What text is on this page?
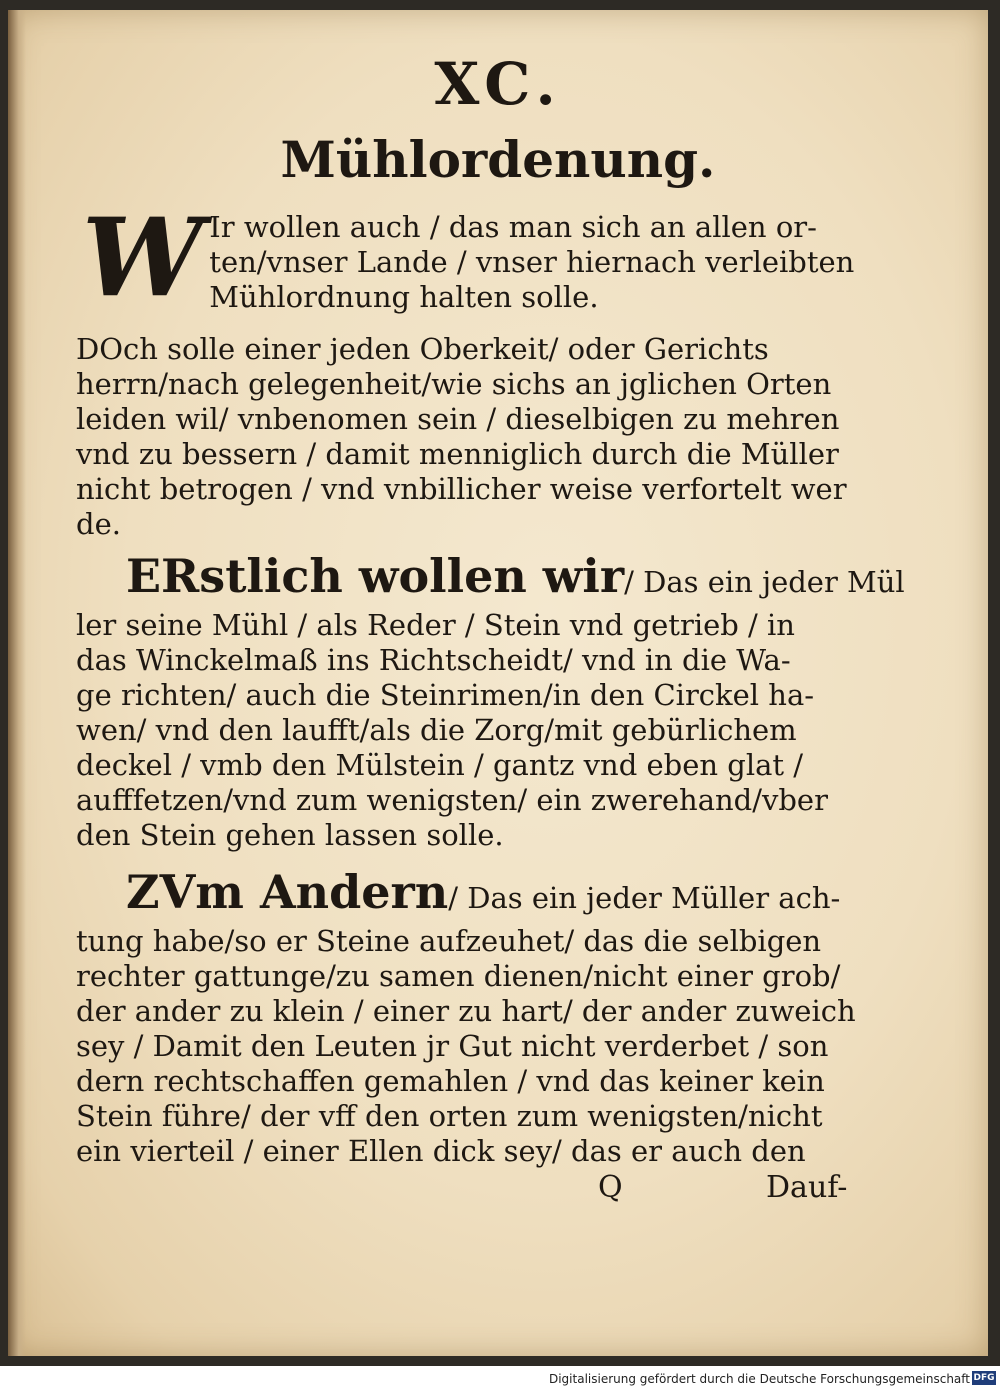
XC.
Mühlordenung.
W Ir wollen auch / das man sich an allen or-
ten/vnser Lande / vnser hiernach verleibten
Mühlordnung halten solle.
DOch solle einer jeden Oberkeit/ oder Gerichts
herrn/nach gelegenheit/wie sichs an jglichen Orten
leiden wil/ vnbenomen sein / dieselbigen zu mehren
vnd zu bessern / damit menniglich durch die Müller
nicht betrogen / vnd vnbillicher weise verfortelt wer
de.
ERstlich wollen wir/ Das ein jeder Mül
ler seine Mühl / als Reder / Stein vnd getrieb / in
das Winckelmaß ins Richtscheidt/ vnd in die Wa-
ge richten/ auch die Steinrimen/in den Circkel ha-
wen/ vnd den laufft/als die Zorg/mit gebürlichem
deckel / vmb den Mülstein / gantz vnd eben glat /
aufffetzen/vnd zum wenigsten/ ein zwerehand/vber
den Stein gehen lassen solle.
ZVm Andern/ Das ein jeder Müller ach-
tung habe/so er Steine aufzeuhet/ das die selbigen
rechter gattunge/zu samen dienen/nicht einer grob/
der ander zu klein / einer zu hart/ der ander zuweich
sey / Damit den Leuten jr Gut nicht verderbet / son
dern rechtschaffen gemahlen / vnd das keiner kein
Stein führe/ der vff den orten zum wenigsten/nicht
ein vierteil / einer Ellen dick sey/ das er auch den
Q	Dauf-
Digitalisierung gefördert durch die Deutsche Forschungsgemeinschaft DFG
